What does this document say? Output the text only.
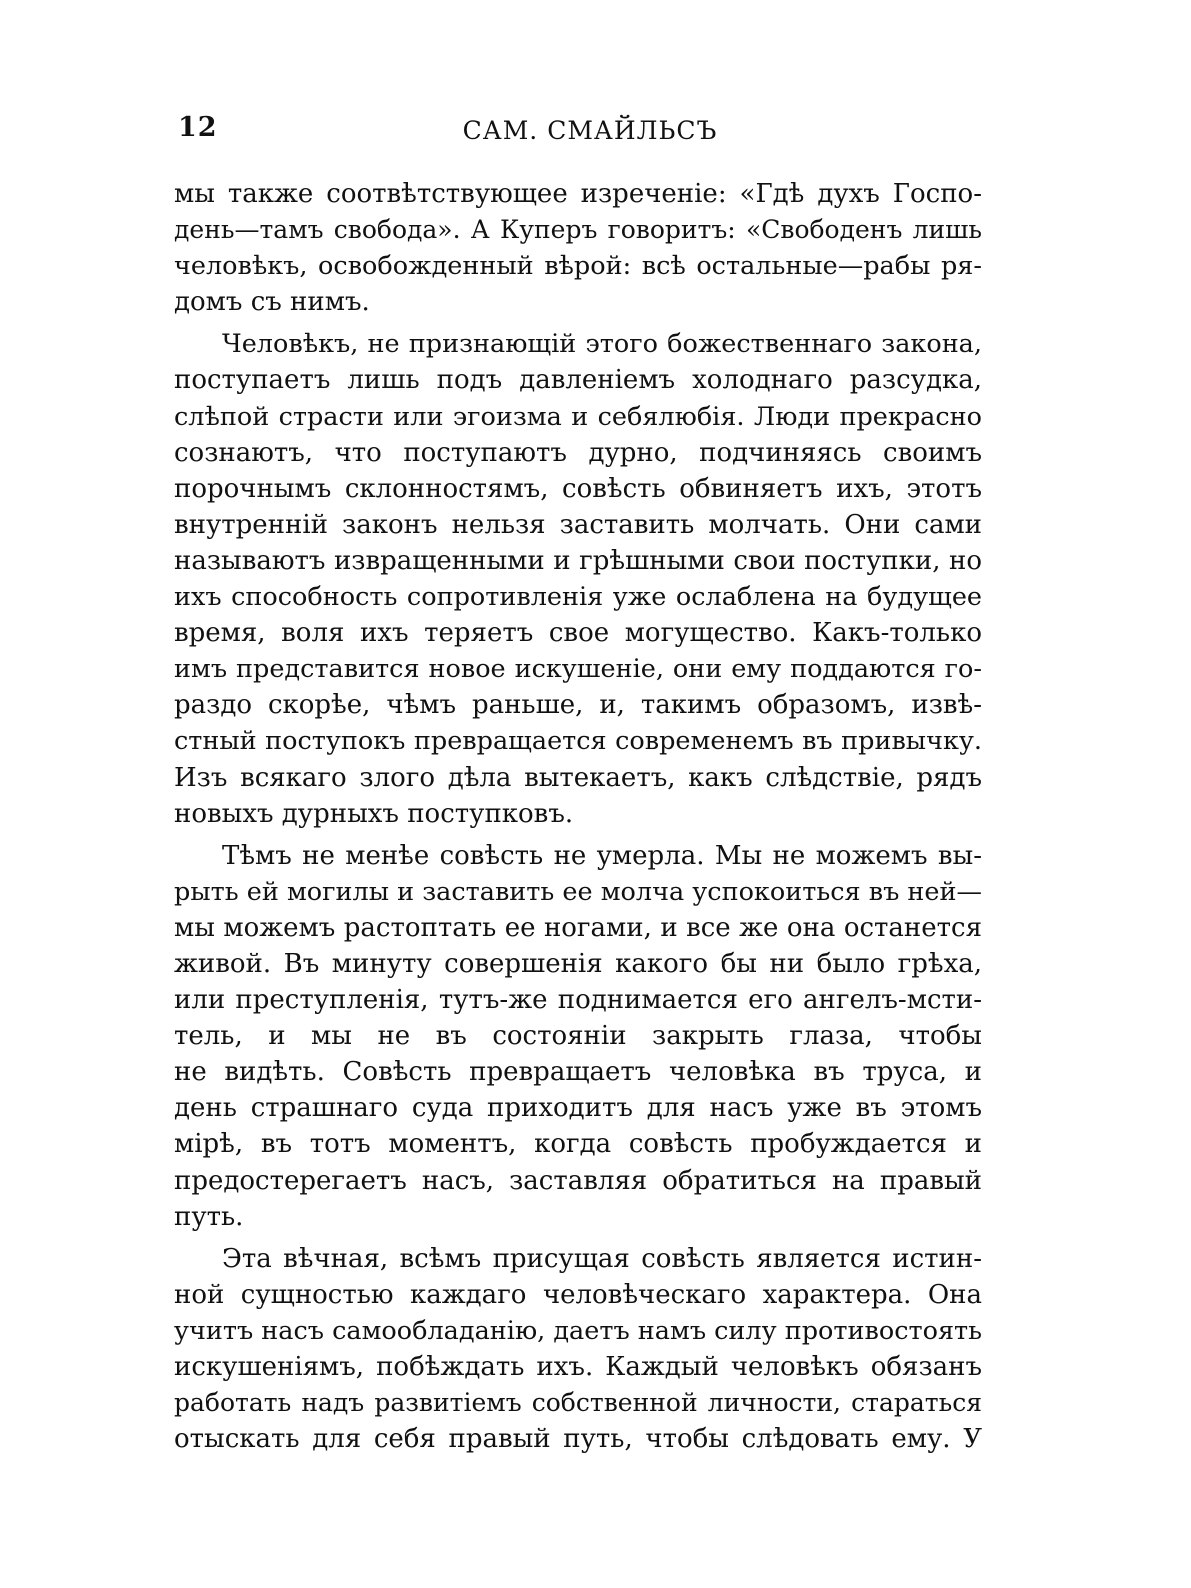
12	САМ. СМАЙЛЬСЪ
мы также соотвѣтствующее изреченіе: «Гдѣ духъ Госпо-
день—тамъ свобода». А Куперъ говоритъ: «Свободенъ лишь
человѣкъ, освобожденный вѣрой: всѣ остальные—рабы ря-
домъ съ нимъ.
Человѣкъ, не признающій этого божественнаго закона,
поступаетъ лишь подъ давленіемъ холоднаго разсудка,
слѣпой страсти или эгоизма и себялюбія. Люди прекрасно
сознаютъ, что поступаютъ дурно, подчиняясь своимъ
порочнымъ склонностямъ, совѣсть обвиняетъ ихъ, этотъ
внутренній законъ нельзя заставить молчать. Они сами
называютъ извращенными и грѣшными свои поступки, но
ихъ способность сопротивленія уже ослаблена на будущее
время, воля ихъ теряетъ свое могущество. Какъ-только
имъ представится новое искушеніе, они ему поддаются го-
раздо скорѣе, чѣмъ раньше, и, такимъ образомъ, извѣ-
стный поступокъ превращается современемъ въ привычку.
Изъ всякаго злого дѣла вытекаетъ, какъ слѣдствіе, рядъ
новыхъ дурныхъ поступковъ.
Тѣмъ не менѣе совѣсть не умерла. Мы не можемъ вы-
рыть ей могилы и заставить ее молча успокоиться въ ней—
мы можемъ растоптать ее ногами, и все же она останется
живой. Въ минуту совершенія какого бы ни было грѣха,
или преступленія, тутъ-же поднимается его ангелъ-мсти-
тель, и мы не въ состояніи закрыть глаза, чтобы
не видѣть. Совѣсть превращаетъ человѣка въ труса, и
день страшнаго суда приходитъ для насъ уже въ этомъ
мірѣ, въ тотъ моментъ, когда совѣсть пробуждается и
предостерегаетъ насъ, заставляя обратиться на правый
путь.
Эта вѣчная, всѣмъ присущая совѣсть является истин-
ной сущностью каждаго человѣческаго характера. Она
учитъ насъ самообладанію, даетъ намъ силу противостоять
искушеніямъ, побѣждать ихъ. Каждый человѣкъ обязанъ
работать надъ развитіемъ собственной личности, стараться
отыскать для себя правый путь, чтобы слѣдовать ему. У
